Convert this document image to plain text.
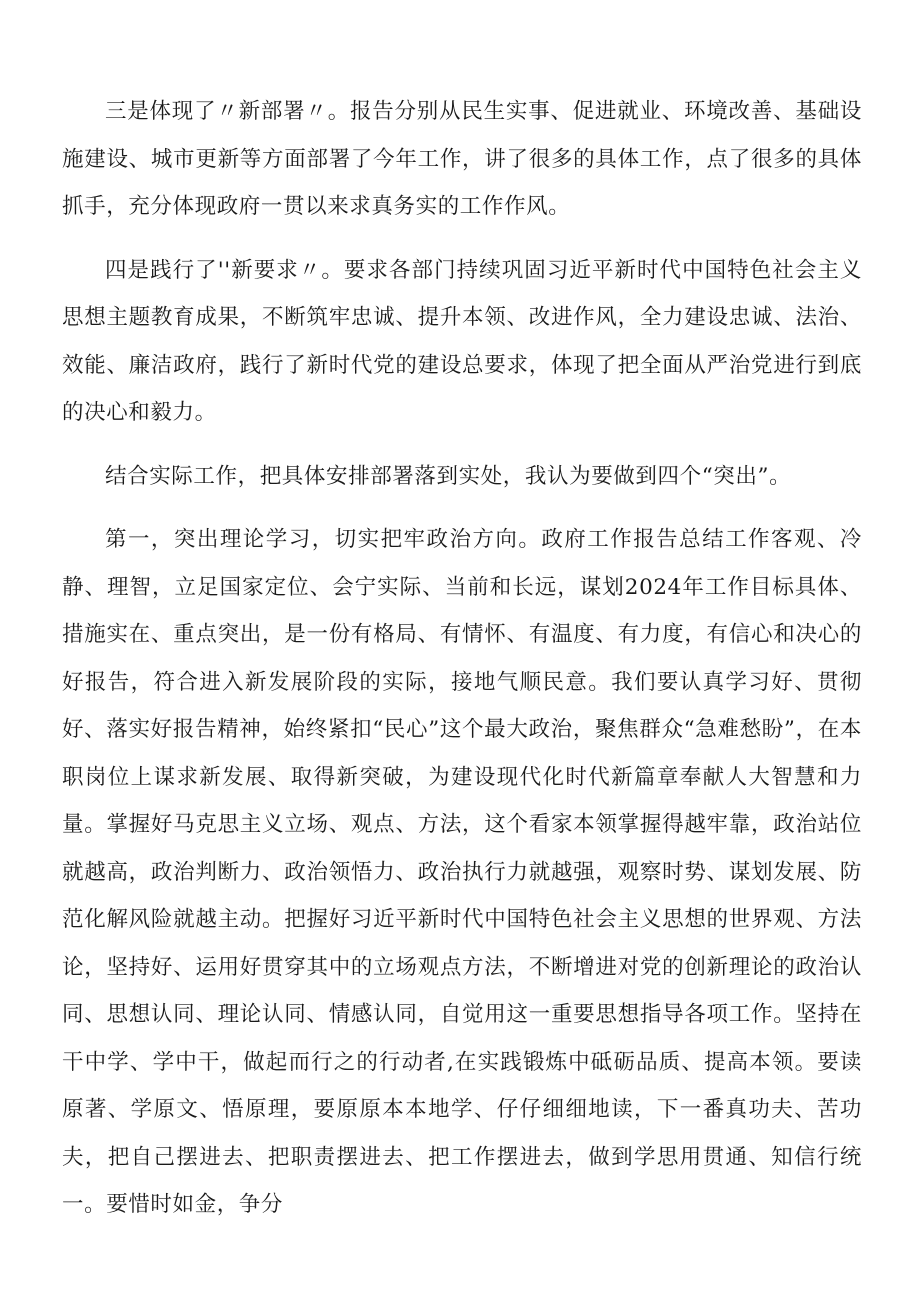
三是体现了〃新部署〃。报告分别从民生实事、促进就业、环境改善、基础设施建设、城市更新等方面部署了今年工作，讲了很多的具体工作，点了很多的具体抓手，充分体现政府一贯以来求真务实的工作作风。

四是践行了''新要求〃。要求各部门持续巩固习近平新时代中国特色社会主义思想主题教育成果，不断筑牢忠诚、提升本领、改进作风，全力建设忠诚、法治、效能、廉洁政府，践行了新时代党的建设总要求，体现了把全面从严治党进行到底的决心和毅力。

结合实际工作，把具体安排部署落到实处，我认为要做到四个“突出”。

第一，突出理论学习，切实把牢政治方向。政府工作报告总结工作客观、冷静、理智，立足国家定位、会宁实际、当前和长远，谋划2024年工作目标具体、措施实在、重点突出，是一份有格局、有情怀、有温度、有力度，有信心和决心的好报告，符合进入新发展阶段的实际，接地气顺民意。我们要认真学习好、贯彻好、落实好报告精神，始终紧扣“民心”这个最大政治，聚焦群众“急难愁盼”，在本职岗位上谋求新发展、取得新突破，为建设现代化时代新篇章奉献人大智慧和力量。掌握好马克思主义立场、观点、方法，这个看家本领掌握得越牢靠，政治站位就越高，政治判断力、政治领悟力、政治执行力就越强，观察时势、谋划发展、防范化解风险就越主动。把握好习近平新时代中国特色社会主义思想的世界观、方法论，坚持好、运用好贯穿其中的立场观点方法，不断增进对党的创新理论的政治认同、思想认同、理论认同、情感认同，自觉用这一重要思想指导各项工作。坚持在干中学、学中干，做起而行之的行动者,在实践锻炼中砥砺品质、提高本领。要读原著、学原文、悟原理，要原原本本地学、仔仔细细地读，下一番真功夫、苦功夫，把自己摆进去、把职责摆进去、把工作摆进去，做到学思用贯通、知信行统一。要惜时如金，争分
